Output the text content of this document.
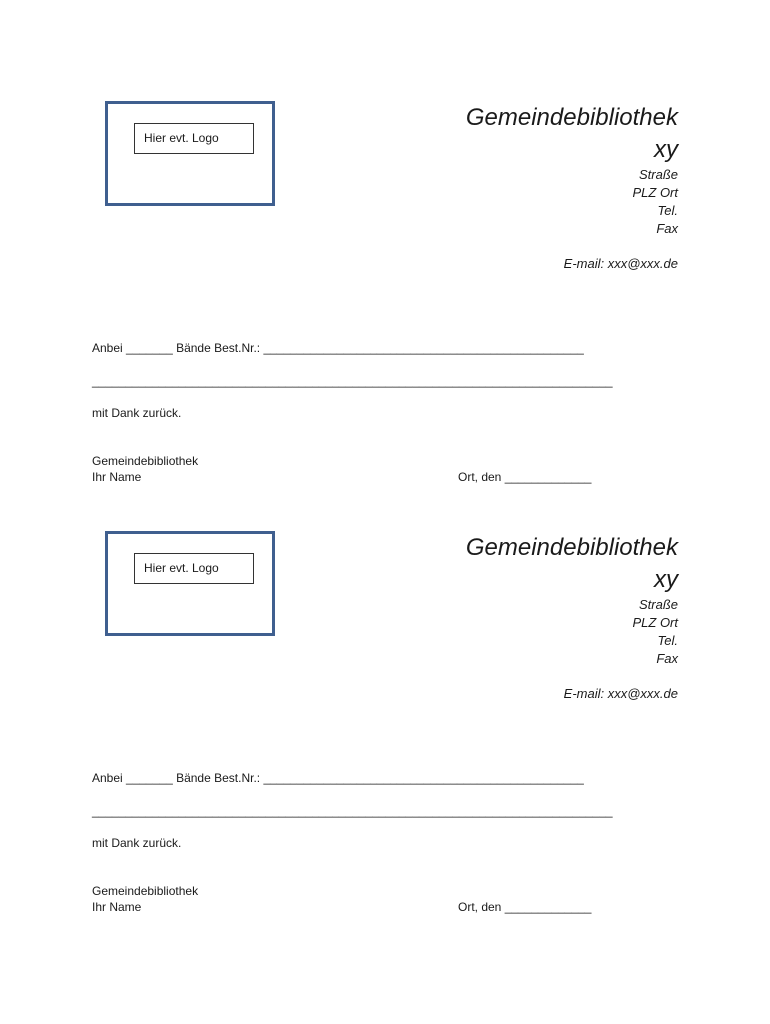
Hier evt. Logo
Gemeindebibliothek
xy
Straße
PLZ Ort
Tel.
Fax
E-mail: xxx@xxx.de
Anbei _______ Bände Best.Nr.: ________________________________________________
______________________________________________________________________________
mit Dank zurück.
Gemeindebibliothek
Ihr Name	Ort, den _____________
Hier evt. Logo
Gemeindebibliothek
xy
Straße
PLZ Ort
Tel.
Fax
E-mail: xxx@xxx.de
Anbei _______ Bände Best.Nr.: ________________________________________________
______________________________________________________________________________
mit Dank zurück.
Gemeindebibliothek
Ihr Name	Ort, den _____________
